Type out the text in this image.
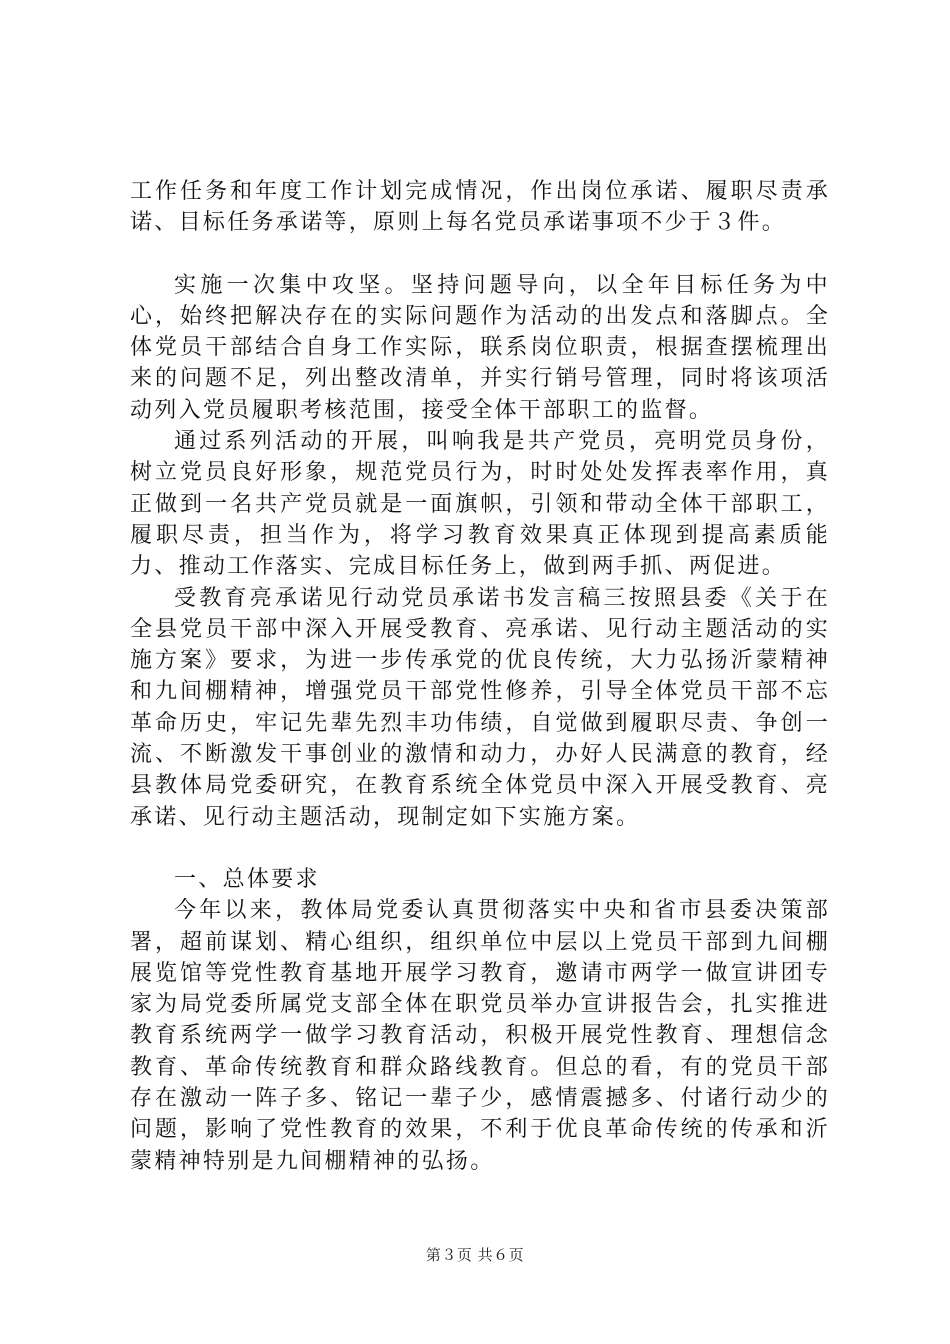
工作任务和年度工作计划完成情况，作出岗位承诺、履职尽责承诺、目标任务承诺等，原则上每名党员承诺事项不少于３件。

实施一次集中攻坚。坚持问题导向，以全年目标任务为中心，始终把解决存在的实际问题作为活动的出发点和落脚点。全体党员干部结合自身工作实际，联系岗位职责，根据查摆梳理出来的问题不足，列出整改清单，并实行销号管理，同时将该项活动列入党员履职考核范围，接受全体干部职工的监督。

通过系列活动的开展，叫响我是共产党员，亮明党员身份，树立党员良好形象，规范党员行为，时时处处发挥表率作用，真正做到一名共产党员就是一面旗帜，引领和带动全体干部职工，履职尽责，担当作为，将学习教育效果真正体现到提高素质能力、推动工作落实、完成目标任务上，做到两手抓、两促进。

受教育亮承诺见行动党员承诺书发言稿三按照县委《关于在全县党员干部中深入开展受教育、亮承诺、见行动主题活动的实施方案》要求，为进一步传承党的优良传统，大力弘扬沂蒙精神和九间棚精神，增强党员干部党性修养，引导全体党员干部不忘革命历史，牢记先辈先烈丰功伟绩，自觉做到履职尽责、争创一流、不断激发干事创业的激情和动力，办好人民满意的教育，经县教体局党委研究，在教育系统全体党员中深入开展受教育、亮承诺、见行动主题活动，现制定如下实施方案。

一、总体要求

今年以来，教体局党委认真贯彻落实中央和省市县委决策部署，超前谋划、精心组织，组织单位中层以上党员干部到九间棚展览馆等党性教育基地开展学习教育，邀请市两学一做宣讲团专家为局党委所属党支部全体在职党员举办宣讲报告会，扎实推进教育系统两学一做学习教育活动，积极开展党性教育、理想信念教育、革命传统教育和群众路线教育。但总的看，有的党员干部存在激动一阵子多、铭记一辈子少，感情震撼多、付诸行动少的问题，影响了党性教育的效果，不利于优良革命传统的传承和沂蒙精神特别是九间棚精神的弘扬。

第３页 共６页
